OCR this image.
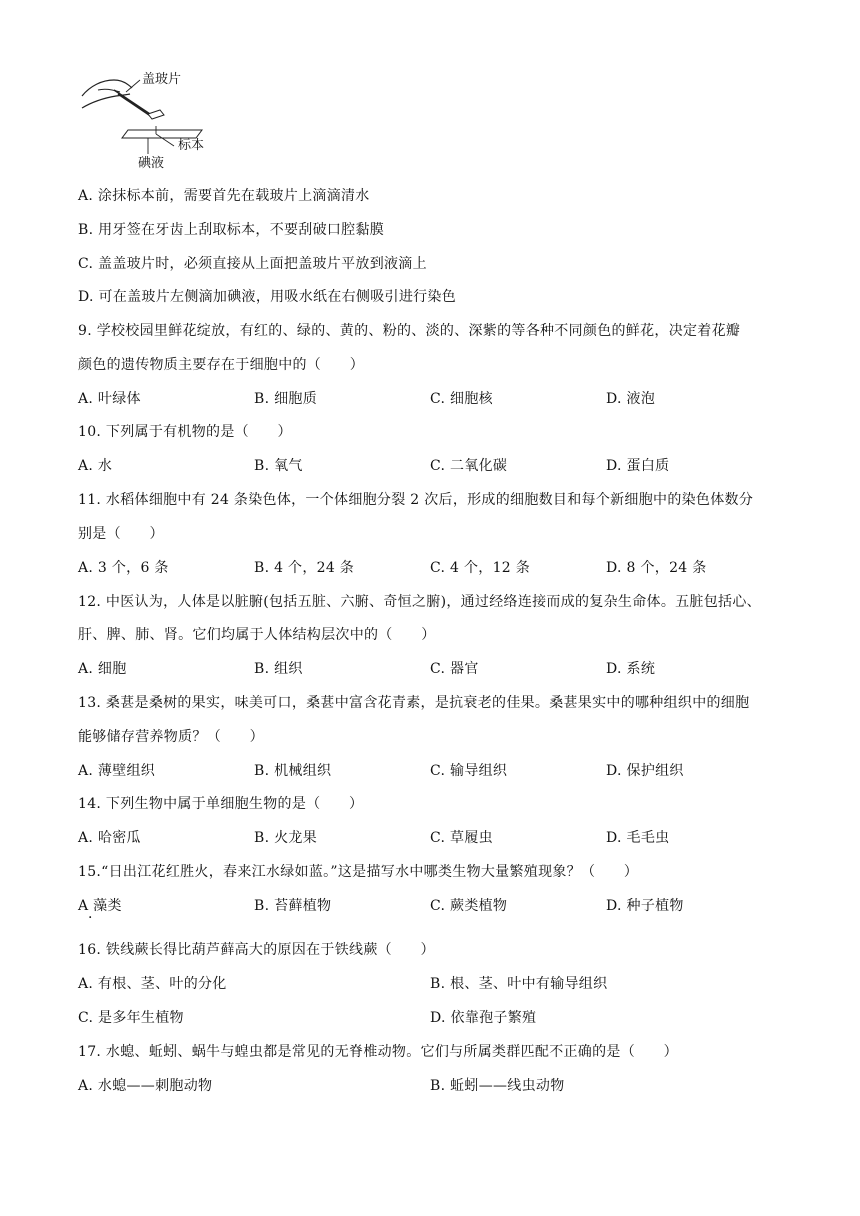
盖玻片
标本
碘液
A. 涂抹标本前，需要首先在载玻片上滴滴清水
B. 用牙签在牙齿上刮取标本，不要刮破口腔黏膜
C. 盖盖玻片时，必须直接从上面把盖玻片平放到液滴上
D. 可在盖玻片左侧滴加碘液，用吸水纸在右侧吸引进行染色
9. 学校校园里鲜花绽放，有红的、绿的、黄的、粉的、淡的、深紫的等各种不同颜色的鲜花，决定着花瓣
颜色的遗传物质主要存在于细胞中的（　　）
A. 叶绿体	B. 细胞质	C. 细胞核	D. 液泡
10. 下列属于有机物的是（　　）
A. 水	B. 氧气	C. 二氧化碳	D. 蛋白质
11. 水稻体细胞中有 24 条染色体，一个体细胞分裂 2 次后，形成的细胞数目和每个新细胞中的染色体数分
别是（　　）
A. 3 个，6 条	B. 4 个，24 条	C. 4 个，12 条	D. 8 个，24 条
12. 中医认为，人体是以脏腑(包括五脏、六腑、奇恒之腑)，通过经络连接而成的复杂生命体。五脏包括心、
肝、脾、肺、肾。它们均属于人体结构层次中的（　　）
A. 细胞	B. 组织	C. 器官	D. 系统
13. 桑葚是桑树的果实，味美可口，桑葚中富含花青素，是抗衰老的佳果。桑葚果实中的哪种组织中的细胞
能够储存营养物质？（　　）
A. 薄壁组织	B. 机械组织	C. 输导组织	D. 保护组织
14. 下列生物中属于单细胞生物的是（　　）
A. 哈密瓜	B. 火龙果	C. 草履虫	D. 毛毛虫
15.“日出江花红胜火，春来江水绿如蓝。”这是描写水中哪类生物大量繁殖现象？（　　）
A 藻类
·
B. 苔藓植物	C. 蕨类植物	D. 种子植物
16. 铁线蕨长得比葫芦藓高大的原因在于铁线蕨（　　）
A. 有根、茎、叶的分化	B. 根、茎、叶中有输导组织
C. 是多年生植物	D. 依靠孢子繁殖
17. 水螅、蚯蚓、蜗牛与蝗虫都是常见的无脊椎动物。它们与所属类群匹配不正确的是（　　）
A. 水螅——刺胞动物	B. 蚯蚓——线虫动物
